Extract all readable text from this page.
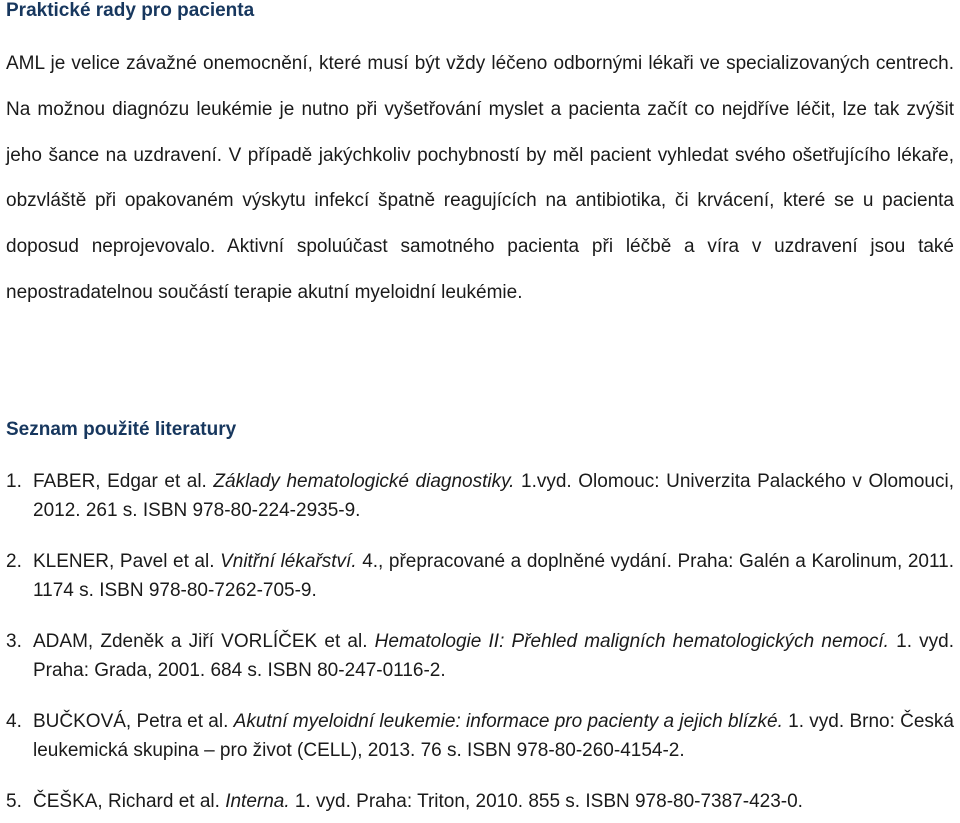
Praktické rady pro pacienta

AML je velice závažné onemocnění, které musí být vždy léčeno odbornými lékaři ve specializovaných centrech. Na možnou diagnózu leukémie je nutno při vyšetřování myslet a pacienta začít co nejdříve léčit, lze tak zvýšit jeho šance na uzdravení. V případě jakýchkoliv pochybností by měl pacient vyhledat svého ošetřujícího lékaře, obzvláště při opakovaném výskytu infekcí špatně reagujících na antibiotika, či krvácení, které se u pacienta doposud neprojevovalo. Aktivní spoluúčast samotného pacienta při léčbě a víra v uzdravení jsou také nepostradatelnou součástí terapie akutní myeloidní leukémie.

Seznam použité literatury
1. FABER, Edgar et al. Základy hematologické diagnostiky. 1.vyd. Olomouc: Univerzita Palackého v Olomouci, 2012. 261 s. ISBN 978-80-224-2935-9.
2. KLENER, Pavel et al. Vnitřní lékařství. 4., přepracované a doplněné vydání. Praha: Galén a Karolinum, 2011. 1174 s. ISBN 978-80-7262-705-9.
3. ADAM, Zdeněk a Jiří VORLÍČEK et al. Hematologie II: Přehled maligních hematologických nemocí. 1. vyd. Praha: Grada, 2001. 684 s. ISBN 80-247-0116-2.
4. BUČKOVÁ, Petra et al. Akutní myeloidní leukemie: informace pro pacienty a jejich blízké. 1. vyd. Brno: Česká leukemická skupina – pro život (CELL), 2013. 76 s. ISBN 978-80-260-4154-2.
5. ČEŠKA, Richard et al. Interna. 1. vyd. Praha: Triton, 2010. 855 s. ISBN 978-80-7387-423-0.
